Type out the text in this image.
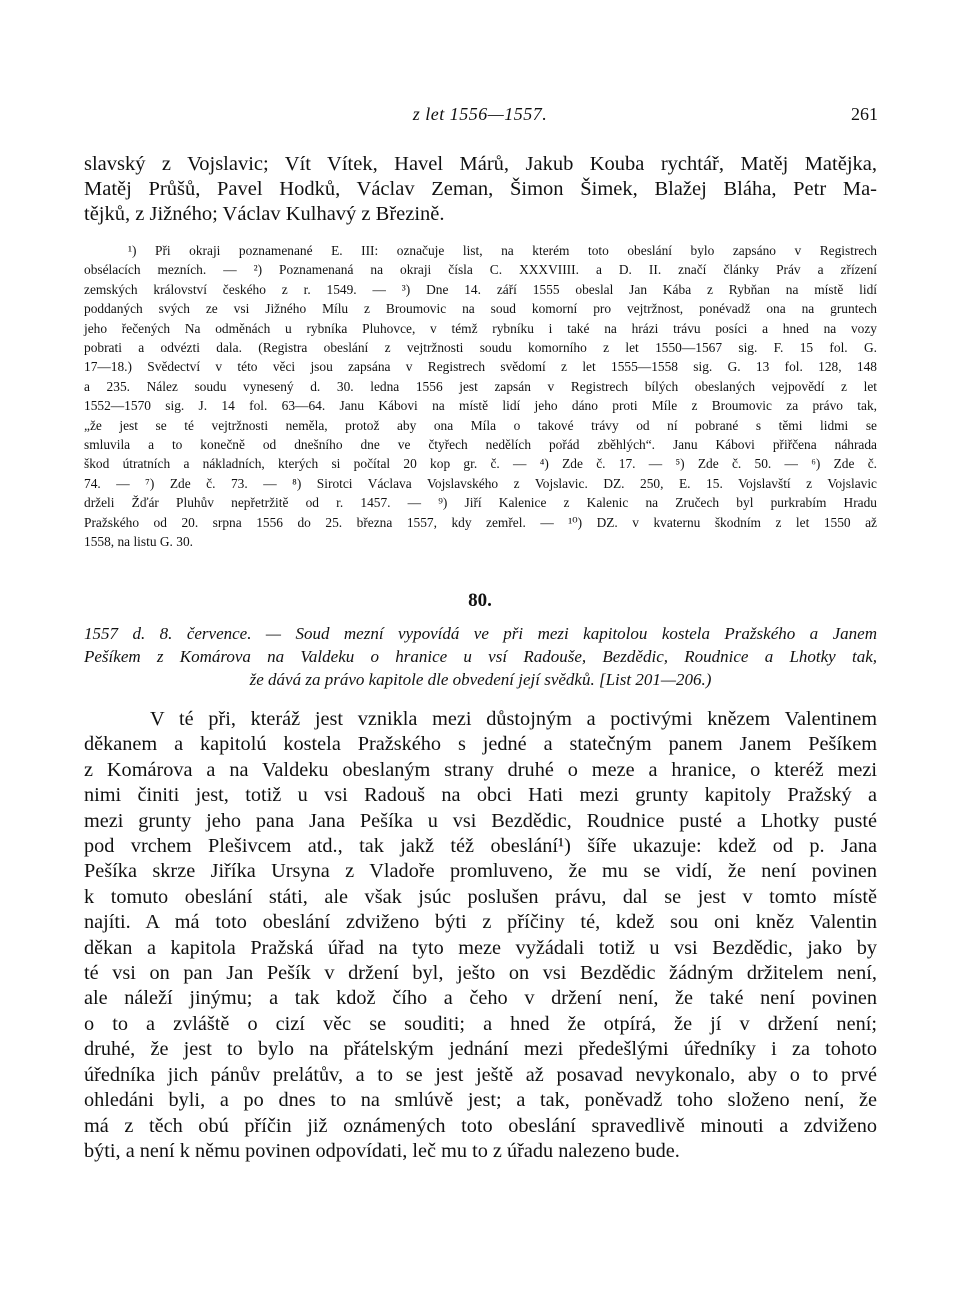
z let 1556—1557.	261
slavský z Vojslavic; Vít Vítek, Havel Márů, Jakub Kouba rychtář, Matěj Matějka,
Matěj Průšů, Pavel Hodků, Václav Zeman, Šimon Šimek, Blažej Bláha, Petr Ma-
tějků, z Jižného; Václav Kulhavý z Březině.
¹) Při okraji poznamenané E. III: označuje list, na kterém toto obeslání bylo zapsáno v Registrech
obsélacích mezních. — ²) Poznamenaná na okraji čísla C. XXXVIIII. a D. II. značí články Práv a zřízení
zemských království českého z r. 1549. — ³) Dne 14. září 1555 obeslal Jan Kába z Rybňan na místě lidí
poddaných svých ze vsi Jižného Mílu z Broumovic na soud komorní pro vejtržnost, ponévadž ona na gruntech
jeho řečených Na odměnách u rybníka Pluhovce, v témž rybníku i také na hrázi trávu posíci a hned na vozy
pobrati a odvézti dala. (Registra obeslání z vejtržnosti soudu komorního z let 1550—1567 sig. F. 15 fol. G.
17—18.) Svědectví v této věci jsou zapsána v Registrech svědomí z let 1555—1558 sig. G. 13 fol. 128, 148
a 235. Nález soudu vynesený d. 30. ledna 1556 jest zapsán v Registrech bílých obeslaných vejpovědí z let
1552—1570 sig. J. 14 fol. 63—64. Janu Kábovi na místě lidí jeho dáno proti Míle z Broumovic za právo tak,
„že jest se té vejtržnosti neměla, protož aby ona Míla o takové trávy od ní pobrané s těmi lidmi se
smluvila a to konečně od dnešního dne ve čtyřech nedělích pořád zběhlých“. Janu Kábovi přiřčena náhrada
škod útratních a nákladních, kterých si počítal 20 kop gr. č. — ⁴) Zde č. 17. — ⁵) Zde č. 50. — ⁶) Zde č.
74. — ⁷) Zde č. 73. — ⁸) Sirotci Václava Vojslavského z Vojslavic. DZ. 250, E. 15. Vojslavští z Vojslavic
drželi Žďár Pluhův nepřetržitě od r. 1457. — ⁹) Jiří Kalenice z Kalenic na Zručech byl purkrabím Hradu
Pražského od 20. srpna 1556 do 25. března 1557, kdy zemřel. — ¹⁰) DZ. v kvaternu škodním z let 1550 až
1558, na listu G. 30.
80.
1557 d. 8. července. — Soud mezní vypovídá ve při mezi kapitolou kostela Pražského a Janem
Pešíkem z Komárova na Valdeku o hranice u vsí Radouše, Bezdědic, Roudnice a Lhotky tak,
že dává za právo kapitole dle obvedení její svědků. [List 201—206.)
V té při, kteráž jest vznikla mezi důstojným a poctivými knězem Valentinem
děkanem a kapitolú kostela Pražského s jedné a statečným panem Janem Pešíkem
z Komárova a na Valdeku obeslaným strany druhé o meze a hranice, o kteréž mezi
nimi činiti jest, totiž u vsi Radouš na obci Hati mezi grunty kapitoly Pražský a
mezi grunty jeho pana Jana Pešíka u vsi Bezdědic, Roudnice pusté a Lhotky pusté
pod vrchem Plešivcem atd., tak jakž též obeslání¹) šíře ukazuje: kdež od p. Jana
Pešíka skrze Jiříka Ursyna z Vladoře promluveno, že mu se vidí, že není povinen
k tomuto obeslání státi, ale však jsúc poslušen právu, dal se jest v tomto místě
najíti. A má toto obeslání zdviženo býti z příčiny té, kdež sou oni kněz Valentin
děkan a kapitola Pražská úřad na tyto meze vyžádali totiž u vsi Bezdědic, jako by
té vsi on pan Jan Pešík v držení byl, ješto on vsi Bezdědic žádným držitelem není,
ale náleží jinýmu; a tak kdož čího a čeho v držení není, že také není povinen
o to a zvláště o cizí věc se souditi; a hned že otpírá, že jí v držení není;
druhé, že jest to bylo na přátelským jednání mezi předešlými úředníky i za tohoto
úředníka jich pánův prelátův, a to se jest ještě až posavad nevykonalo, aby o to prvé
ohledáni byli, a po dnes to na smlúvě jest; a tak, poněvadž toho složeno není, že
má z těch obú příčin již oznámených toto obeslání spravedlivě minouti a zdviženo
býti, a není k němu povinen odpovídati, leč mu to z úřadu nalezeno bude.
